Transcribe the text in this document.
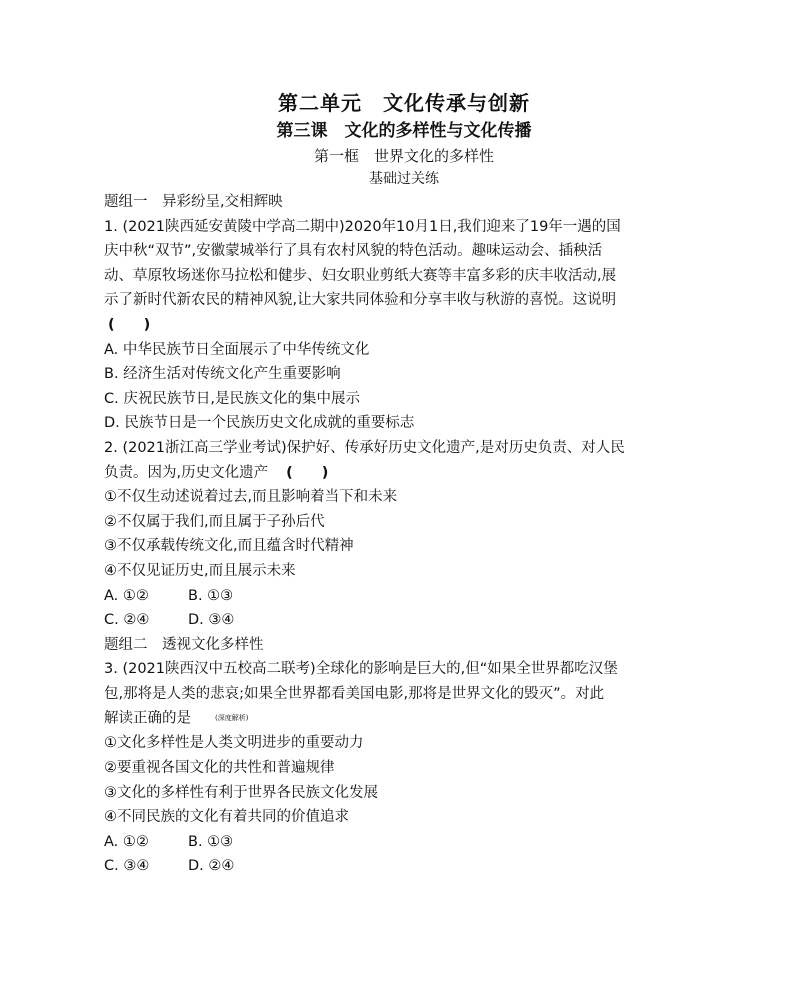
第二单元　文化传承与创新
第三课　文化的多样性与文化传播
第一框　世界文化的多样性
基础过关练
题组一　异彩纷呈,交相辉映
1. (2021陕西延安黄陵中学高二期中)2020年10月1日,我们迎来了19年一遇的国
庆中秋“双节”,安徽蒙城举行了具有农村风貌的特色活动。趣味运动会、插秧活
动、草原牧场迷你马拉松和健步、妇女职业剪纸大赛等丰富多彩的庆丰收活动,展
示了新时代新农民的精神风貌,让大家共同体验和分享丰收与秋游的喜悦。这说明
(　　)
A. 中华民族节日全面展示了中华传统文化
B. 经济生活对传统文化产生重要影响
C. 庆祝民族节日,是民族文化的集中展示
D. 民族节日是一个民族历史文化成就的重要标志
2. (2021浙江高三学业考试)保护好、传承好历史文化遗产,是对历史负责、对人民
负责。因为,历史文化遗产 (　　)
①不仅生动述说着过去,而且影响着当下和未来
②不仅属于我们,而且属于子孙后代
③不仅承载传统文化,而且蕴含时代精神
④不仅见证历史,而且展示未来
A. ①②	B. ①③
C. ②④	D. ③④
题组二　透视文化多样性
3. (2021陕西汉中五校高二联考)全球化的影响是巨大的,但“如果全世界都吃汉堡
包,那将是人类的悲哀;如果全世界都看美国电影,那将是世界文化的毁灭”。对此
解读正确的是	(深度解析)
①文化多样性是人类文明进步的重要动力
②要重视各国文化的共性和普遍规律
③文化的多样性有利于世界各民族文化发展
④不同民族的文化有着共同的价值追求
A. ①②	B. ①③
C. ③④	D. ②④
